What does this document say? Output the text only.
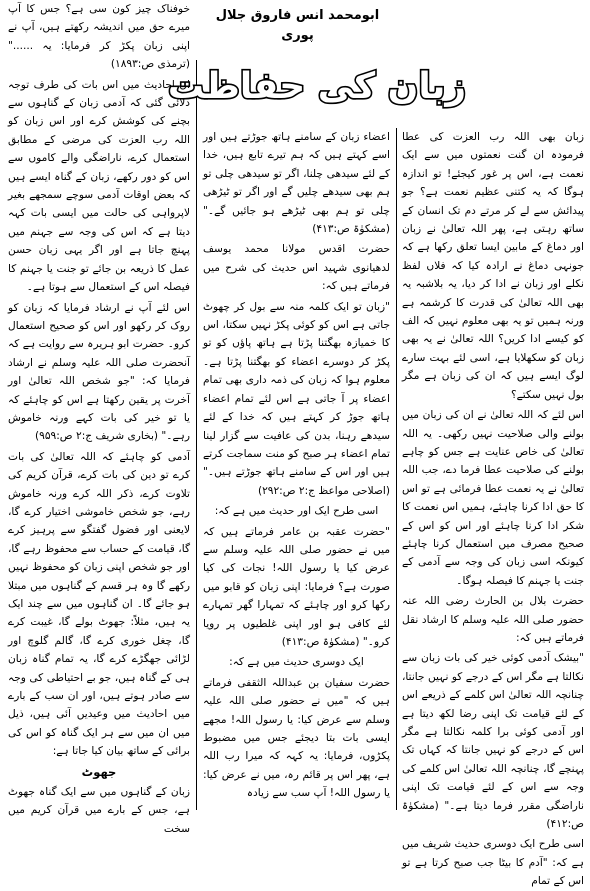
خوفناک چیز کون سی ہے؟ جس کا آپ میرے حق میں اندیشہ رکھتے ہیں، آپ نے اپنی زبان پکڑ کر فرمایا: یہ ......" (ترمذی ص:۱۸۹۳)

ان احادیث میں اس بات کی طرف توجہ دلائی گئی کہ آدمی زبان کے گناہوں سے بچنے کی کوشش کرے اور اس زبان کو اللہ رب العزت کی مرضی کے مطابق استعمال کرے، ناراضگی والے کاموں سے اس کو دور رکھے، زبان کے گناہ ایسے ہیں کہ بعض اوقات آدمی سوچے سمجھے بغیر لاپرواہی کی حالت میں ایسی بات کہہ دیتا ہے کہ اس کی وجہ سے جہنم میں پہنچ جاتا ہے اور اگر یہی زبان حسن عمل کا ذریعہ بن جائے تو جنت یا جہنم کا فیصلہ اس کے استعمال سے ہوتا ہے۔

اس لئے آپ نے ارشاد فرمایا کہ زبان کو روک کر رکھو اور اس کو صحیح استعمال کرو۔ حضرت ابو ہریرہ سے روایت ہے کہ آنحضرت صلی اللہ علیہ وسلم نے ارشاد فرمایا کہ: "جو شخص اللہ تعالیٰ اور آخرت پر یقین رکھتا ہے اس کو چاہئے کہ یا تو خیر کی بات کہے ورنہ خاموش رہے۔" (بخاری شریف ج:۲ ص:۹۵۹)

آدمی کو چاہئے کہ اللہ تعالیٰ کی بات کرے تو دین کی بات کرے، قرآن کریم کی تلاوت کرے، ذکر اللہ کرے ورنہ خاموش رہے، جو شخص خاموشی اختیار کرے گا، لایعنی اور فضول گفتگو سے پرہیز کرے گا، قیامت کے حساب سے محفوظ رہے گا، اور جو شخص اپنی زبان کو محفوظ نہیں رکھے گا وہ ہر قسم کے گناہوں میں مبتلا ہو جائے گا۔ ان گناہوں میں سے چند ایک یہ ہیں، مثلاً: جھوٹ بولے گا، غیبت کرے گا، چغل خوری کرے گا، گالم گلوچ اور لڑائی جھگڑے کرے گا، یہ تمام گناہ زبان ہی کے گناہ ہیں، جو بے احتیاطی کی وجہ سے صادر ہوتے ہیں، اور ان سب کے بارے میں احادیث میں وعیدیں آئی ہیں، ذیل میں ان میں سے ہر ایک گناہ کو اس کی برائی کے ساتھ بیان کیا جاتا ہے:

جھوٹ

زبان کے گناہوں میں سے ایک گناہ جھوٹ ہے، جس کے بارے میں قرآن کریم میں سخت

ابومحمد انس فاروق جلال پوری
زبان کی حفاظت

اعضاء زبان کے سامنے ہاتھ جوڑتے ہیں اور اسے کہتے ہیں کہ ہم تیرے تابع ہیں، خدا کے لئے سیدھی چلنا، اگر تو سیدھی چلی تو ہم بھی سیدھے چلیں گے اور اگر تو ٹیڑھی چلی تو ہم بھی ٹیڑھے ہو جائیں گے۔" (مشکوٰۃ ص:۴۱۳)

حضرت اقدس مولانا محمد یوسف لدھیانوی شہید اس حدیث کی شرح میں فرماتے ہیں کہ:

"زبان تو ایک کلمہ منہ سے بول کر چھوٹ جاتی ہے اس کو کوئی پکڑ نہیں سکتا، اس کا خمیازہ بھگتنا پڑتا ہے ہاتھ پاؤں کو تو پکڑ کر دوسرے اعضاء کو بھگتنا پڑتا ہے۔ معلوم ہوا کہ زبان کی ذمہ داری بھی تمام اعضاء پر آ جاتی ہے اس لئے تمام اعضاء ہاتھ جوڑ کر کہتے ہیں کہ خدا کے لئے سیدھے رہنا، بدن کی عافیت سے گزار لینا تمام اعضاء ہر صبح کو منت سماجت کرتے ہیں اور اس کے سامنے ہاتھ جوڑتے ہیں۔" (اصلاحی مواعظ ج:۲ ص:۲۹۲)

اسی طرح ایک اور حدیث میں ہے کہ:

"حضرت عقبہ بن عامر فرماتے ہیں کہ میں نے حضور صلی اللہ علیہ وسلم سے عرض کیا یا رسول اللہ! نجات کی کیا صورت ہے؟ فرمایا: اپنی زبان کو قابو میں رکھا کرو اور چاہئے کہ تمہارا گھر تمہارے لئے کافی ہو اور اپنی غلطیوں پر رویا کرو۔" (مشکوٰۃ ص:۴۱۳)

ایک دوسری حدیث میں ہے کہ:

حضرت سفیان بن عبداللہ الثقفی فرماتے ہیں کہ "میں نے حضور صلی اللہ علیہ وسلم سے عرض کیا: یا رسول اللہ! مجھے ایسی بات بتا دیجئے جس میں مضبوط پکڑوں، فرمایا: یہ کہہ کہ میرا رب اللہ ہے، پھر اس پر قائم رہ، میں نے عرض کیا: یا رسول اللہ! آپ سب سے زیادہ

زبان بھی اللہ رب العزت کی عطا فرمودہ ان گنت نعمتوں میں سے ایک نعمت ہے، اس پر غور کیجئے! تو اندازہ ہوگا کہ یہ کتنی عظیم نعمت ہے؟ جو پیدائش سے لے کر مرتے دم تک انسان کے ساتھ رہتی ہے، پھر اللہ تعالیٰ نے زبان اور دماغ کے مابین ایسا تعلق رکھا ہے کہ جونہی دماغ نے ارادہ کیا کہ فلاں لفظ نکلے اور زبان نے ادا کر دیا، یہ بلاشبہ یہ بھی اللہ تعالیٰ کی قدرت کا کرشمہ ہے ورنہ ہمیں تو یہ بھی معلوم نہیں کہ الف کو کیسے ادا کریں؟ اللہ تعالیٰ نے یہ بھی زبان کو سکھلایا ہے، اسی لئے بہت سارے لوگ ایسے ہیں کہ ان کی زبان ہے مگر بول نہیں سکتے؟

اس لئے کہ اللہ تعالیٰ نے ان کی زبان میں بولنے والی صلاحیت نہیں رکھی۔ یہ اللہ تعالیٰ کی خاص عنایت ہے جس کو چاہے بولنے کی صلاحیت عطا فرما دے، جب اللہ تعالیٰ نے یہ نعمت عطا فرمائی ہے تو اس کا حق ادا کرنا چاہئے، ہمیں اس نعمت کا شکر ادا کرنا چاہئے اور اس کو اس کے صحیح مصرف میں استعمال کرنا چاہئے کیونکہ اسی زبان کی وجہ سے آدمی کے جنت یا جہنم کا فیصلہ ہوگا۔

حضرت بلال بن الحارث رضی اللہ عنہ حضور صلی اللہ علیہ وسلم کا ارشاد نقل فرماتے ہیں کہ:

"بیشک آدمی کوئی خیر کی بات زبان سے نکالتا ہے مگر اس کے درجے کو نہیں جانتا، چنانچہ اللہ تعالیٰ اس کلمے کے ذریعے اس کے لئے قیامت تک اپنی رضا لکھ دیتا ہے اور آدمی کوئی برا کلمہ نکالتا ہے مگر اس کے درجے کو نہیں جانتا کہ کہاں تک پہنچے گا، چنانچہ اللہ تعالیٰ اس کلمے کی وجہ سے اس کے لئے قیامت تک اپنی ناراضگی مقرر فرما دیتا ہے۔" (مشکوٰۃ ص:۴۱۲)

اسی طرح ایک دوسری حدیث شریف میں ہے کہ: "آدم کا بیٹا جب صبح کرتا ہے تو اس کے تمام
